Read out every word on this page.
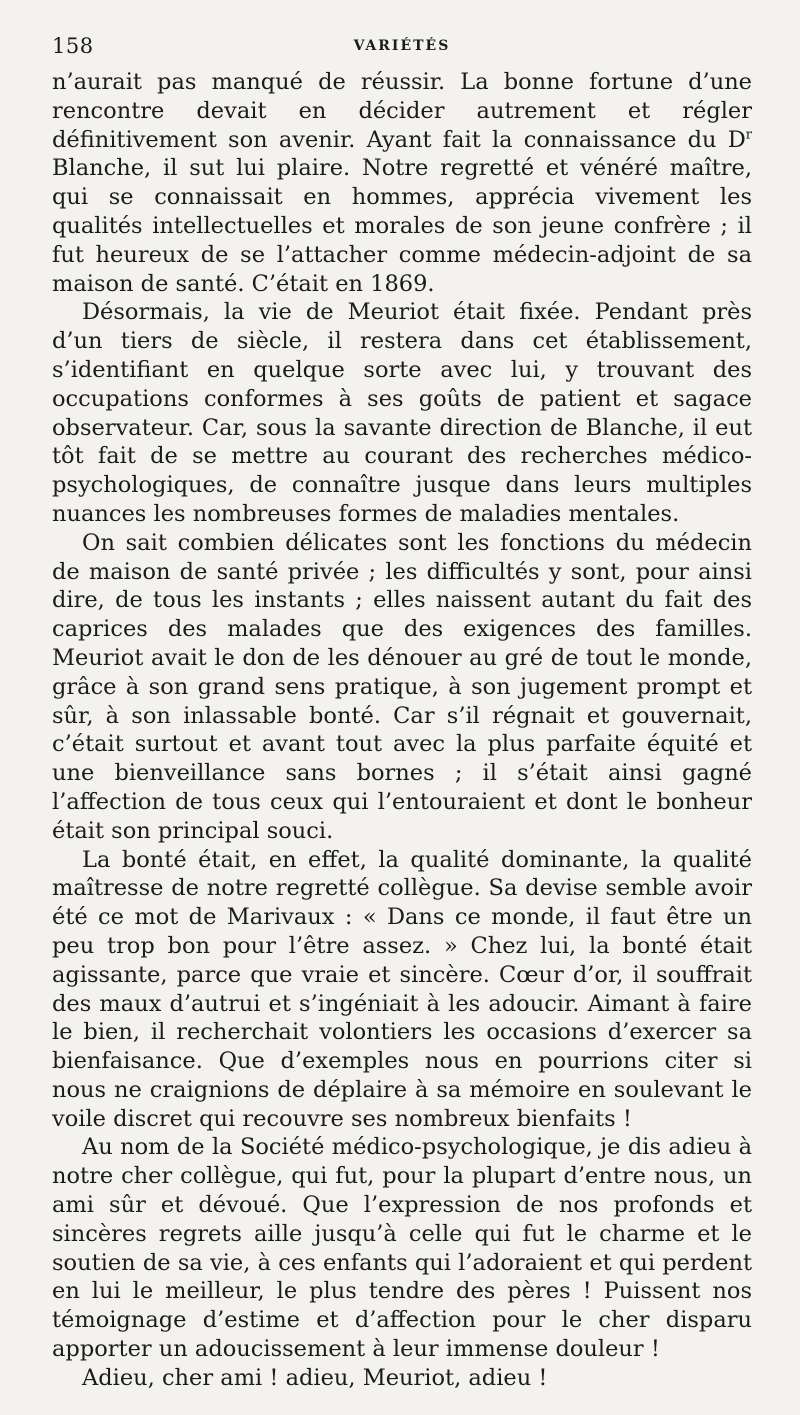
158	VARIÉTÉS

n’aurait pas manqué de réussir. La bonne fortune d’une rencontre devait en décider autrement et régler définitivement son avenir. Ayant fait la connaissance du $D^r$ Blanche, il sut lui plaire. Notre regretté et vénéré maître, qui se connaissait en hommes, apprécia vivement les qualités intellectuelles et morales de son jeune confrère ; il fut heureux de se l’attacher comme médecin-adjoint de sa maison de santé. C’était en 1869.

Désormais, la vie de Meuriot était fixée. Pendant près d’un tiers de siècle, il restera dans cet établissement, s’identifiant en quelque sorte avec lui, y trouvant des occupations conformes à ses goûts de patient et sagace observateur. Car, sous la savante direction de Blanche, il eut tôt fait de se mettre au courant des recherches médico-psychologiques, de connaître jusque dans leurs multiples nuances les nombreuses formes de maladies mentales.

On sait combien délicates sont les fonctions du médecin de maison de santé privée ; les difficultés y sont, pour ainsi dire, de tous les instants ; elles naissent autant du fait des caprices des malades que des exigences des familles. Meuriot avait le don de les dénouer au gré de tout le monde, grâce à son grand sens pratique, à son jugement prompt et sûr, à son inlassable bonté. Car s’il régnait et gouvernait, c’était surtout et avant tout avec la plus parfaite équité et une bienveillance sans bornes ; il s’était ainsi gagné l’affection de tous ceux qui l’entouraient et dont le bonheur était son principal souci.

La bonté était, en effet, la qualité dominante, la qualité maîtresse de notre regretté collègue. Sa devise semble avoir été ce mot de Marivaux : « Dans ce monde, il faut être un peu trop bon pour l’être assez. » Chez lui, la bonté était agissante, parce que vraie et sincère. Cœur d’or, il souffrait des maux d’autrui et s’ingéniait à les adoucir. Aimant à faire le bien, il recherchait volontiers les occasions d’exercer sa bienfaisance. Que d’exemples nous en pourrions citer si nous ne craignions de déplaire à sa mémoire en soulevant le voile discret qui recouvre ses nombreux bienfaits !

Au nom de la Société médico-psychologique, je dis adieu à notre cher collègue, qui fut, pour la plupart d’entre nous, un ami sûr et dévoué. Que l’expression de nos profonds et sincères regrets aille jusqu’à celle qui fut le charme et le soutien de sa vie, à ces enfants qui l’adoraient et qui perdent en lui le meilleur, le plus tendre des pères ! Puissent nos témoignage d’estime et d’affection pour le cher disparu apporter un adoucissement à leur immense douleur !

Adieu, cher ami ! adieu, Meuriot, adieu !
